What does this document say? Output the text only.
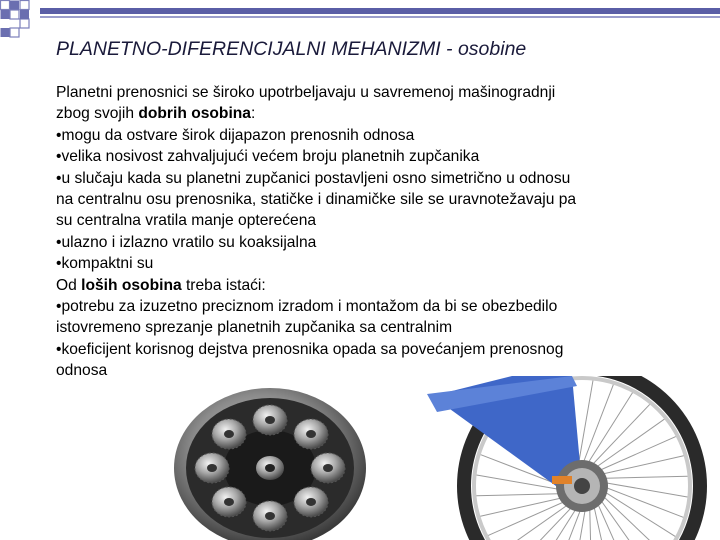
PLANETNO-DIFERENCIJALNI MEHANIZMI - osobine
Planetni prenosnici se široko upotrbeljavaju u savremenoj mašinogradnji
zbog svojih dobrih osobina:
•mogu da ostvare širok dijapazon prenosnih odnosa
•velika nosivost zahvaljujući većem broju planetnih zupčanika
•u slučaju kada su planetni zupčanici postavljeni osno simetrično u odnosu
na centralnu osu prenosnika, statičke i dinamičke sile se uravnotežavaju pa
su centralna vratila manje opterećena
•ulazno i izlazno vratilo su koaksijalna
•kompaktni su
Od loših osobina treba istaći:
•potrebu za izuzetno preciznom izradom i montažom da bi se obezbedilo
istovremeno sprezanje planetnih zupčanika sa centralnim
•koeficijent korisnog dejstva prenosnika opada sa povećanjem prenosnog
odnosa
